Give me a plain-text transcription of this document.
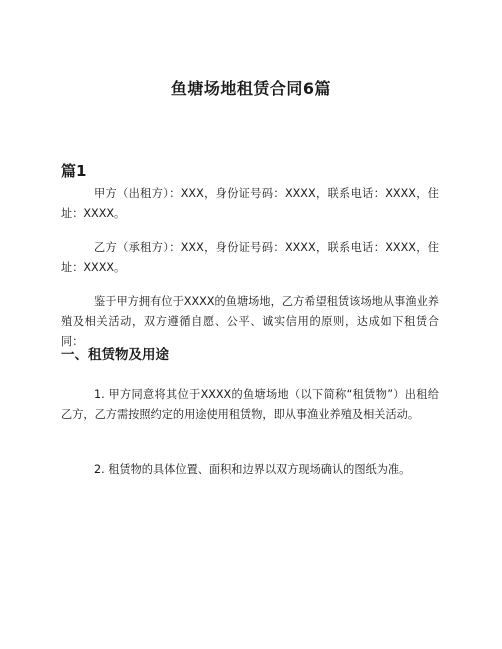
鱼塘场地租赁合同6篇
篇1

甲方（出租方）：XXX，身份证号码：XXXX，联系电话：XXXX，住址：XXXX。

乙方（承租方）：XXX，身份证号码：XXXX，联系电话：XXXX，住址：XXXX。

鉴于甲方拥有位于XXXX的鱼塘场地，乙方希望租赁该场地从事渔业养殖及相关活动，双方遵循自愿、公平、诚实信用的原则，达成如下租赁合同：

一、租赁物及用途

1. 甲方同意将其位于XXXX的鱼塘场地（以下简称“租赁物”）出租给乙方，乙方需按照约定的用途使用租赁物，即从事渔业养殖及相关活动。

2. 租赁物的具体位置、面积和边界以双方现场确认的图纸为准。
